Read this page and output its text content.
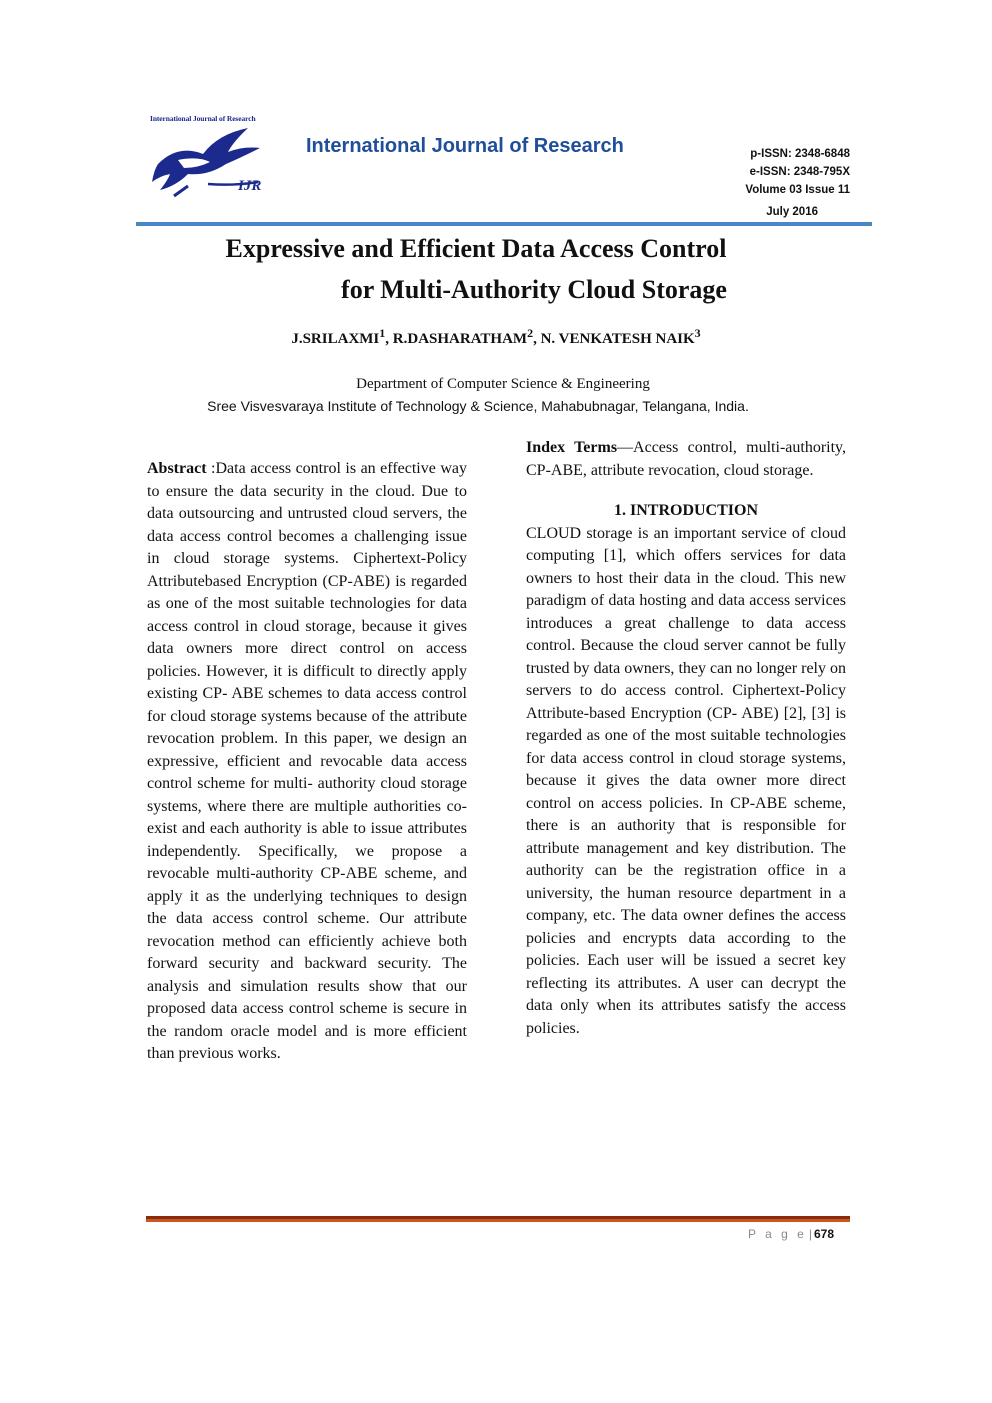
International Journal of Research
IJR
International Journal of Research	p-ISSN: 2348-6848
e-ISSN: 2348-795X
Volume 03 Issue 11
July 2016
Expressive and Efficient Data Access Control
for Multi-Authority Cloud Storage
J.SRILAXMI$^1$, R.DASHARATHAM$^2$, N. VENKATESH NAIK$^3$
Department of Computer Science & Engineering
Sree Visvesvaraya Institute of Technology & Science, Mahabubnagar, Telangana, India.

Abstract :Data access control is an effective way to ensure the data security in the cloud. Due to data outsourcing and untrusted cloud servers, the data access control becomes a challenging issue in cloud storage systems. Ciphertext-Policy Attributebased Encryption (CP-ABE) is regarded as one of the most suitable technologies for data access control in cloud storage, because it gives data owners more direct control on access policies. However, it is difficult to directly apply existing CP- ABE schemes to data access control for cloud storage systems because of the attribute revocation problem. In this paper, we design an expressive, efficient and revocable data access control scheme for multi- authority cloud storage systems, where there are multiple authorities co-exist and each authority is able to issue attributes independently. Specifically, we propose a revocable multi-authority CP-ABE scheme, and apply it as the underlying techniques to design the data access control scheme. Our attribute revocation method can efficiently achieve both forward security and backward security. The analysis and simulation results show that our proposed data access control scheme is secure in the random oracle model and is more efficient than previous works.

Index Terms—Access control, multi-authority, CP-ABE, attribute revocation, cloud storage.

1. INTRODUCTION

CLOUD storage is an important service of cloud computing [1], which offers services for data owners to host their data in the cloud. This new paradigm of data hosting and data access services introduces a great challenge to data access control. Because the cloud server cannot be fully trusted by data owners, they can no longer rely on servers to do access control. Ciphertext-Policy Attribute-based Encryption (CP- ABE) [2], [3] is regarded as one of the most suitable technologies for data access control in cloud storage systems, because it gives the data owner more direct control on access policies. In CP-ABE scheme, there is an authority that is responsible for attribute management and key distribution. The authority can be the registration office in a university, the human resource department in a company, etc. The data owner defines the access policies and encrypts data according to the policies. Each user will be issued a secret key reflecting its attributes. A user can decrypt the data only when its attributes satisfy the access policies.

P a g e | 678
